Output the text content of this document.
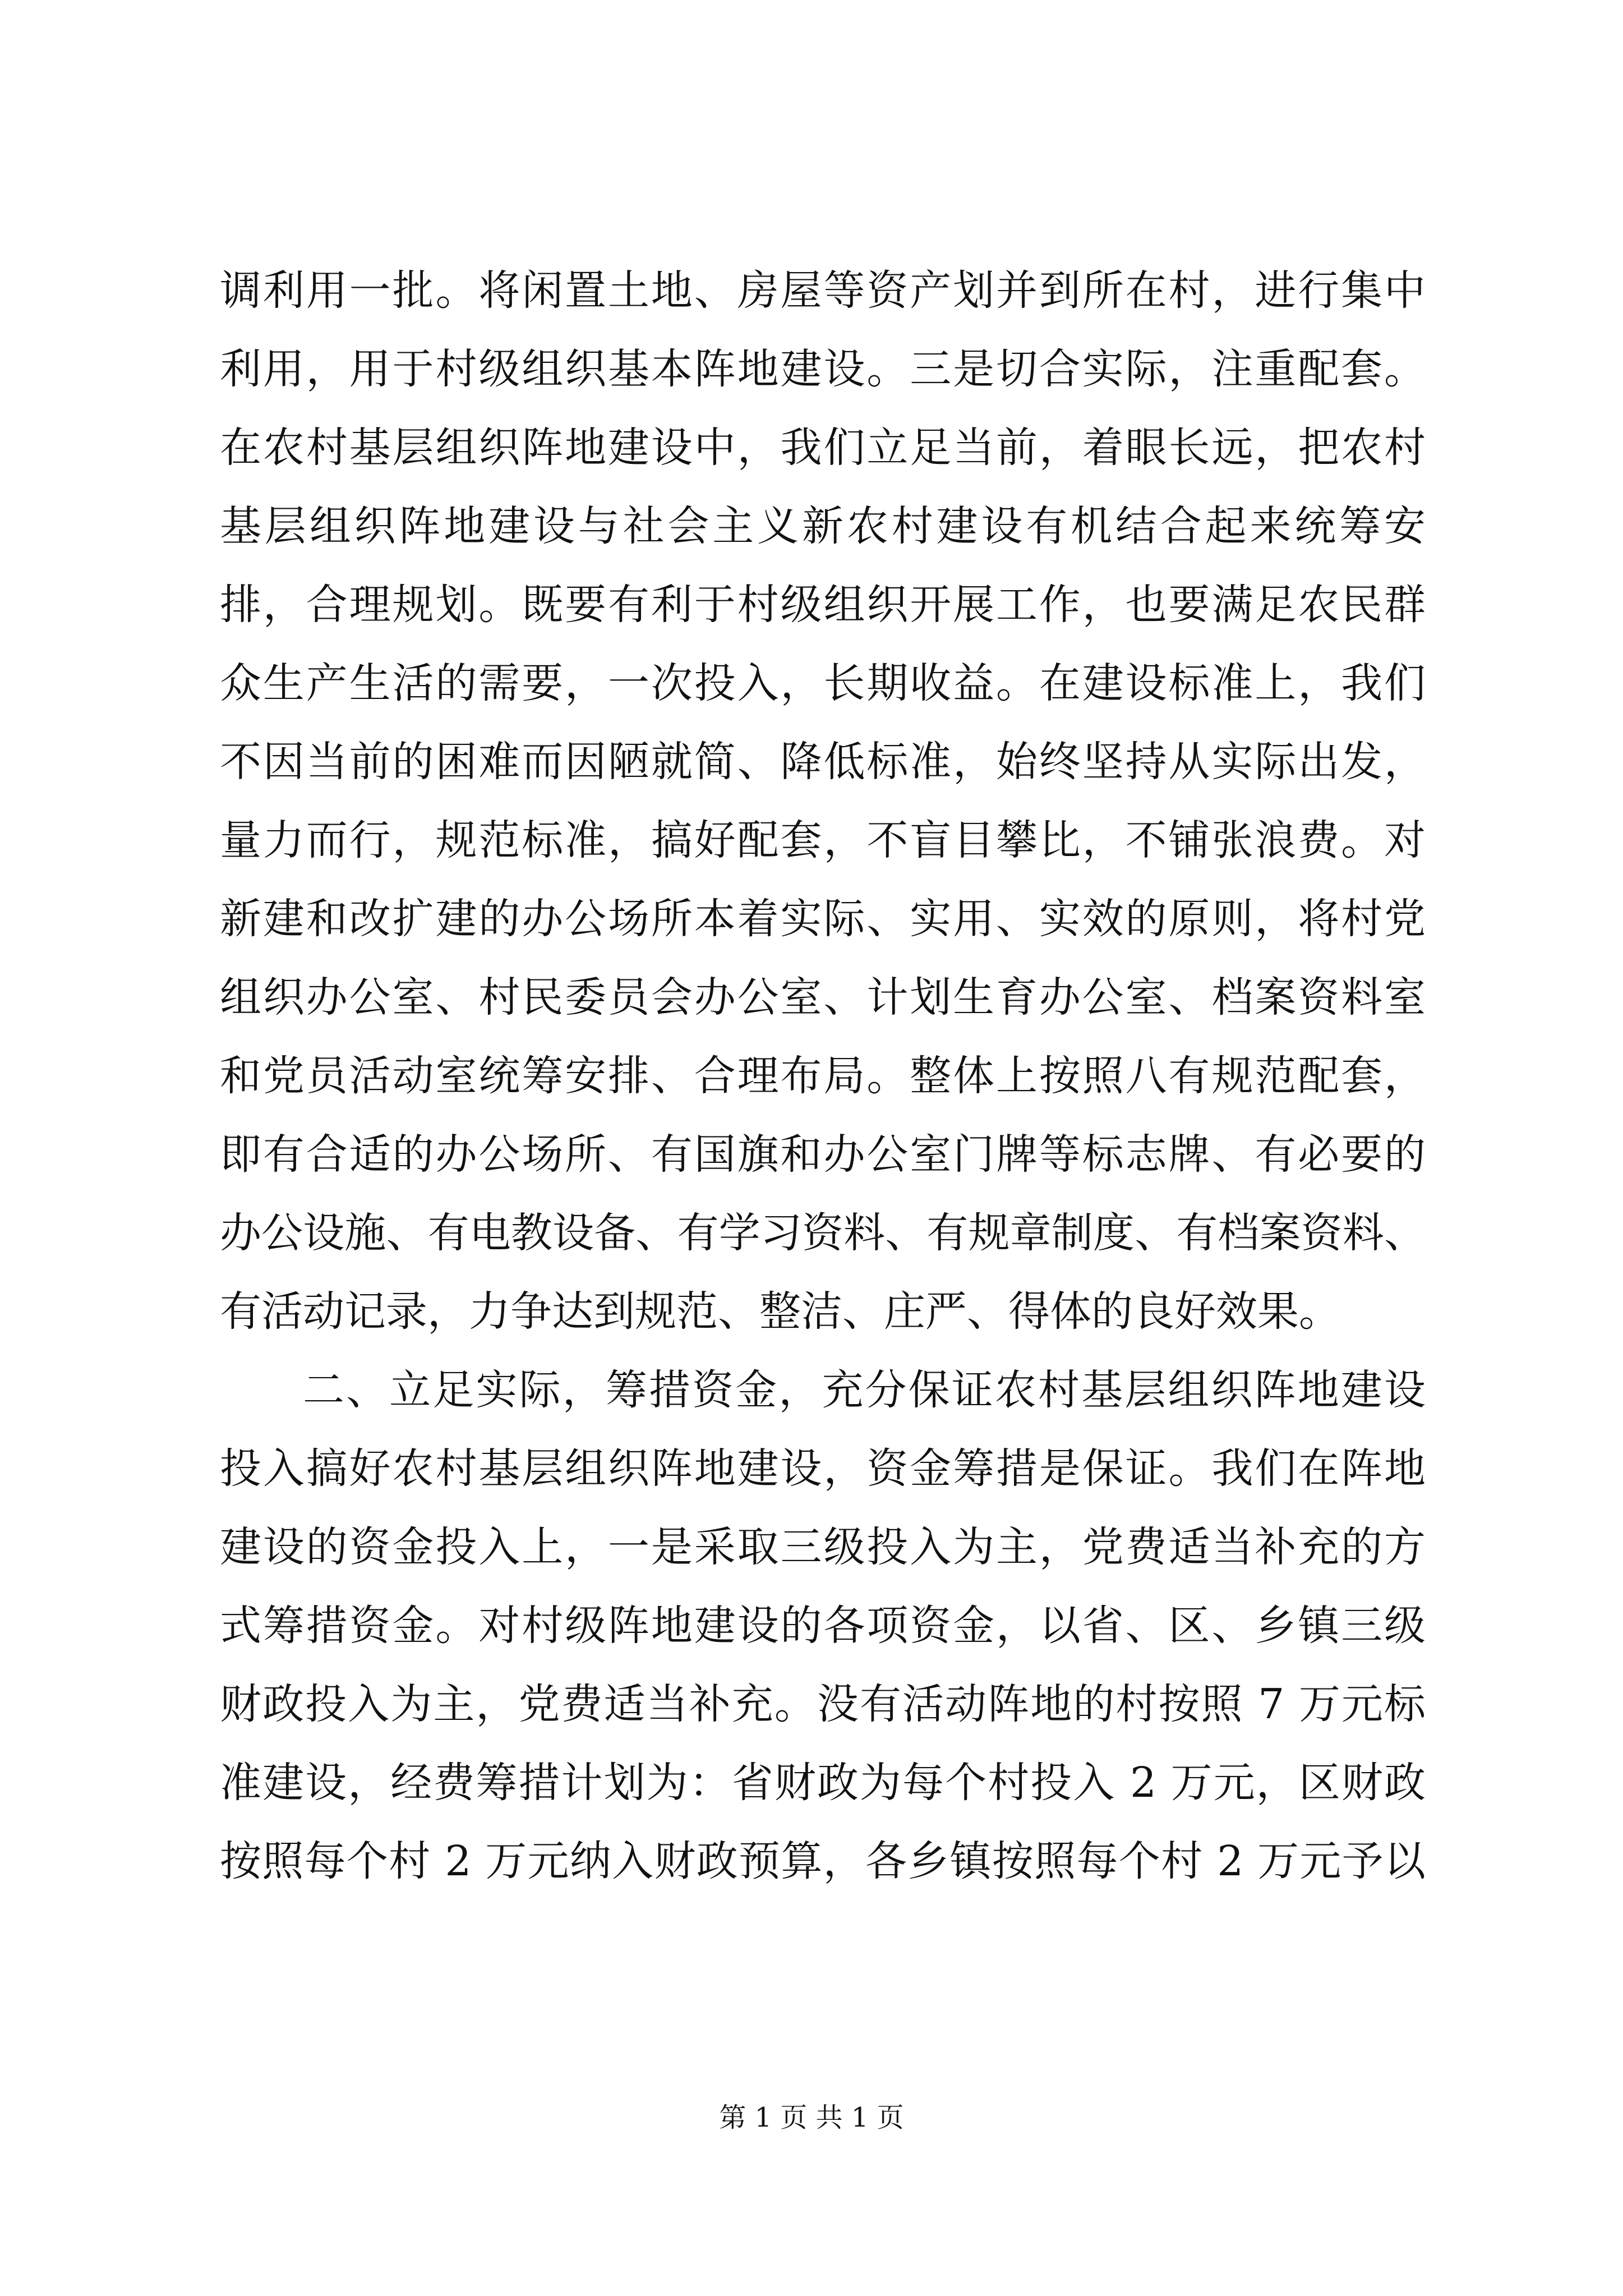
调利用一批。将闲置土地、房屋等资产划并到所在村，进行集中
利用，用于村级组织基本阵地建设。三是切合实际，注重配套。
在农村基层组织阵地建设中，我们立足当前，着眼长远，把农村
基层组织阵地建设与社会主义新农村建设有机结合起来统筹安
排，合理规划。既要有利于村级组织开展工作，也要满足农民群
众生产生活的需要，一次投入，长期收益。在建设标准上，我们
不因当前的困难而因陋就简、降低标准，始终坚持从实际出发，
量力而行，规范标准，搞好配套，不盲目攀比，不铺张浪费。对
新建和改扩建的办公场所本着实际、实用、实效的原则，将村党
组织办公室、村民委员会办公室、计划生育办公室、档案资料室
和党员活动室统筹安排、合理布局。整体上按照八有规范配套，
即有合适的办公场所、有国旗和办公室门牌等标志牌、有必要的
办公设施、有电教设备、有学习资料、有规章制度、有档案资料、
有活动记录，力争达到规范、整洁、庄严、得体的良好效果。
二、立足实际，筹措资金，充分保证农村基层组织阵地建设
投入搞好农村基层组织阵地建设，资金筹措是保证。我们在阵地
建设的资金投入上，一是采取三级投入为主，党费适当补充的方
式筹措资金。对村级阵地建设的各项资金，以省、区、乡镇三级
财政投入为主，党费适当补充。没有活动阵地的村按照 7 万元标
准建设，经费筹措计划为：省财政为每个村投入 2 万元，区财政
按照每个村 2 万元纳入财政预算，各乡镇按照每个村 2 万元予以
第 1 页 共 1 页
